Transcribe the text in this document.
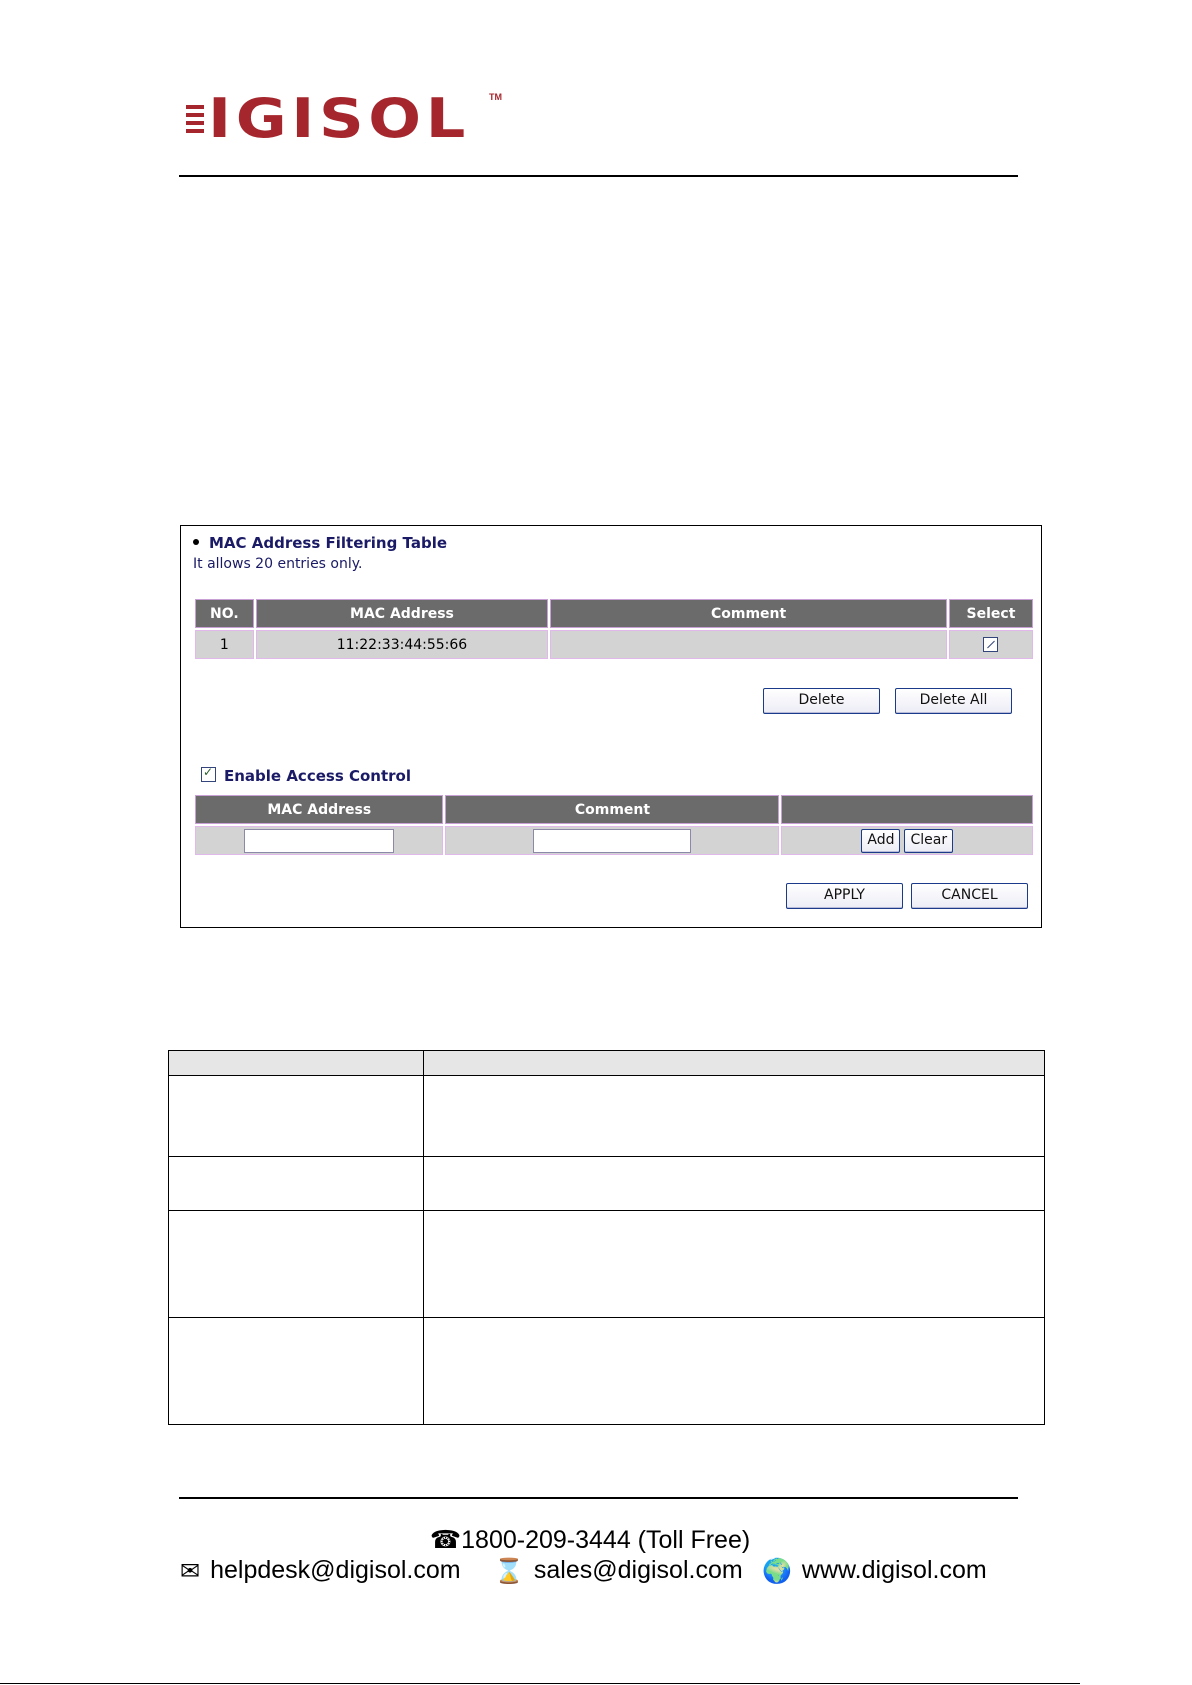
IGISOL TM
MAC Address Filtering Table
It allows 20 entries only.
NO.	MAC Address	Comment	Select
1	11:22:33:44:55:66		
Delete	Delete All
✓Enable Access Control
MAC Address	Comment	
		Add Clear
APPLY	CANCEL

☎1800-209-3444 (Toll Free)
✉ helpdesk@digisol.com ⌛ sales@digisol.com 🌍 www.digisol.com
